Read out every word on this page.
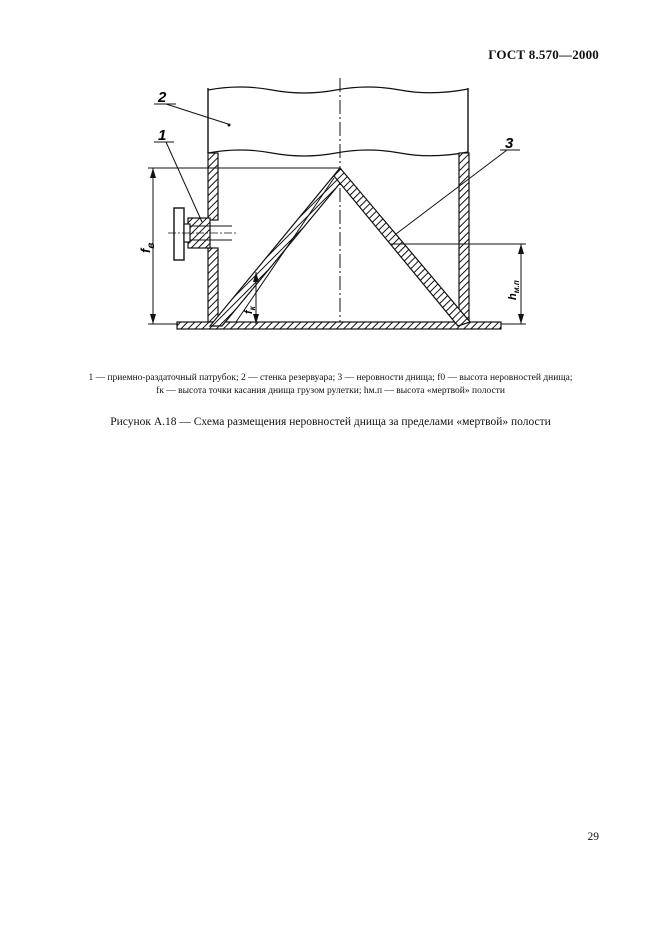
ГОСТ 8.570—2000
$f_в$
$f_к$
$h_{м.п}$
1
2
3
1 — приемно-раздаточный патрубок; 2 — стенка резервуара; 3 — неровности днища; f0 — высота неровностей днища;
fк — высота точки касания днища грузом рулетки; hм.п — высота «мертвой» полости
Рисунок А.18 — Схема размещения неровностей днища за пределами «мертвой» полости
29
